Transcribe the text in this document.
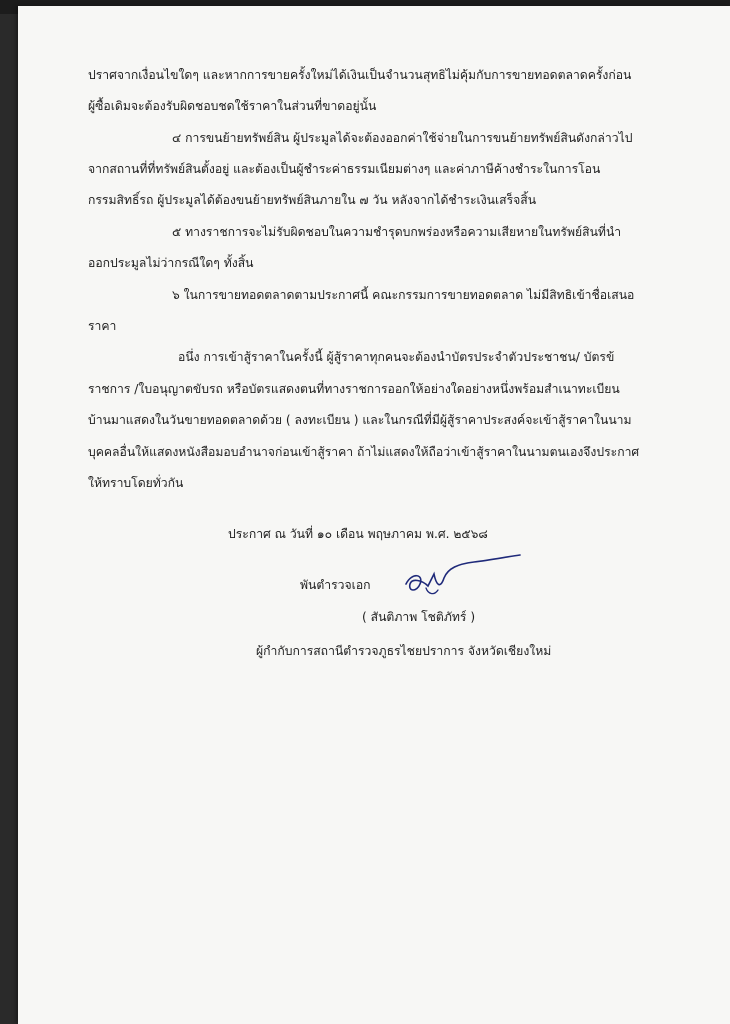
ปราศจากเงื่อนไขใดๆ และหากการขายครั้งใหม่ได้เงินเป็นจำนวนสุทธิไม่คุ้มกับการขายทอดตลาดครั้งก่อน
ผู้ซื้อเดิมจะต้องรับผิดชอบชดใช้ราคาในส่วนที่ขาดอยู่นั้น
๔ การขนย้ายทรัพย์สิน ผู้ประมูลได้จะต้องออกค่าใช้จ่ายในการขนย้ายทรัพย์สินดังกล่าวไป
จากสถานที่ที่ทรัพย์สินตั้งอยู่ และต้องเป็นผู้ชำระค่าธรรมเนียมต่างๆ และค่าภาษีค้างชำระในการโอน
กรรมสิทธิ์รถ ผู้ประมูลได้ต้องขนย้ายทรัพย์สินภายใน ๗ วัน หลังจากได้ชำระเงินเสร็จสิ้น
๕ ทางราชการจะไม่รับผิดชอบในความชำรุดบกพร่องหรือความเสียหายในทรัพย์สินที่นำ
ออกประมูลไม่ว่ากรณีใดๆ ทั้งสิ้น
๖ ในการขายทอดตลาดตามประกาศนี้ คณะกรรมการขายทอดตลาด ไม่มีสิทธิเข้าชื่อเสนอ
ราคา
อนึ่ง การเข้าสู้ราคาในครั้งนี้ ผู้สู้ราคาทุกคนจะต้องนำบัตรประจำตัวประชาชน/ บัตรข้
ราชการ /ใบอนุญาตขับรถ หรือบัตรแสดงตนที่ทางราชการออกให้อย่างใดอย่างหนึ่งพร้อมสำเนาทะเบียน
บ้านมาแสดงในวันขายทอดตลาดด้วย ( ลงทะเบียน ) และในกรณีที่มีผู้สู้ราคาประสงค์จะเข้าสู้ราคาในนาม
บุคคลอื่นให้แสดงหนังสือมอบอำนาจก่อนเข้าสู้ราคา ถ้าไม่แสดงให้ถือว่าเข้าสู้ราคาในนามตนเองจึงประกาศ
ให้ทราบโดยทั่วกัน
ประกาศ ณ วันที่ ๑๐ เดือน พฤษภาคม พ.ศ. ๒๕๖๘
พันตำรวจเอก
( สันติภาพ โชติภัทร์ )
ผู้กำกับการสถานีตำรวจภูธรไชยปราการ จังหวัดเชียงใหม่
